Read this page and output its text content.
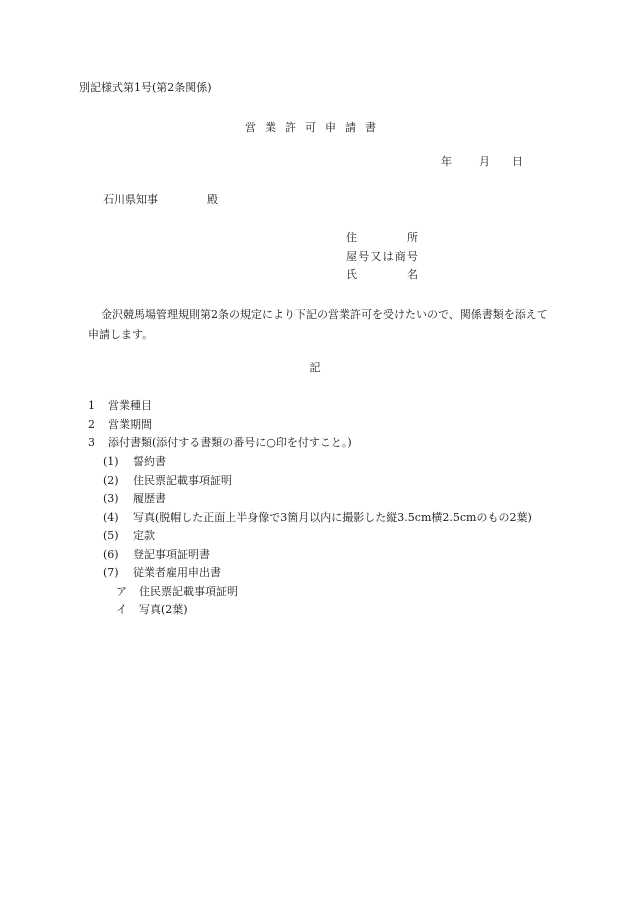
別記様式第1号(第2条関係)
営業許可申請書
年 月 日
石川県知事	殿
住所
屋号又は商号
氏名
金沢競馬場管理規則第2条の規定により下記の営業許可を受けたいので、関係書類を添えて申請します。
記
1 営業種目
2 営業期間
3 添付書類(添付する書類の番号に○印を付すこと。)
(1) 誓約書
(2) 住民票記載事項証明
(3) 履歴書
(4) 写真(脱帽した正面上半身像で3箇月以内に撮影した縦3.5cm横2.5cmのもの2葉)
(5) 定款
(6) 登記事項証明書
(7) 従業者雇用申出書
ア 住民票記載事項証明
イ 写真(2葉)
